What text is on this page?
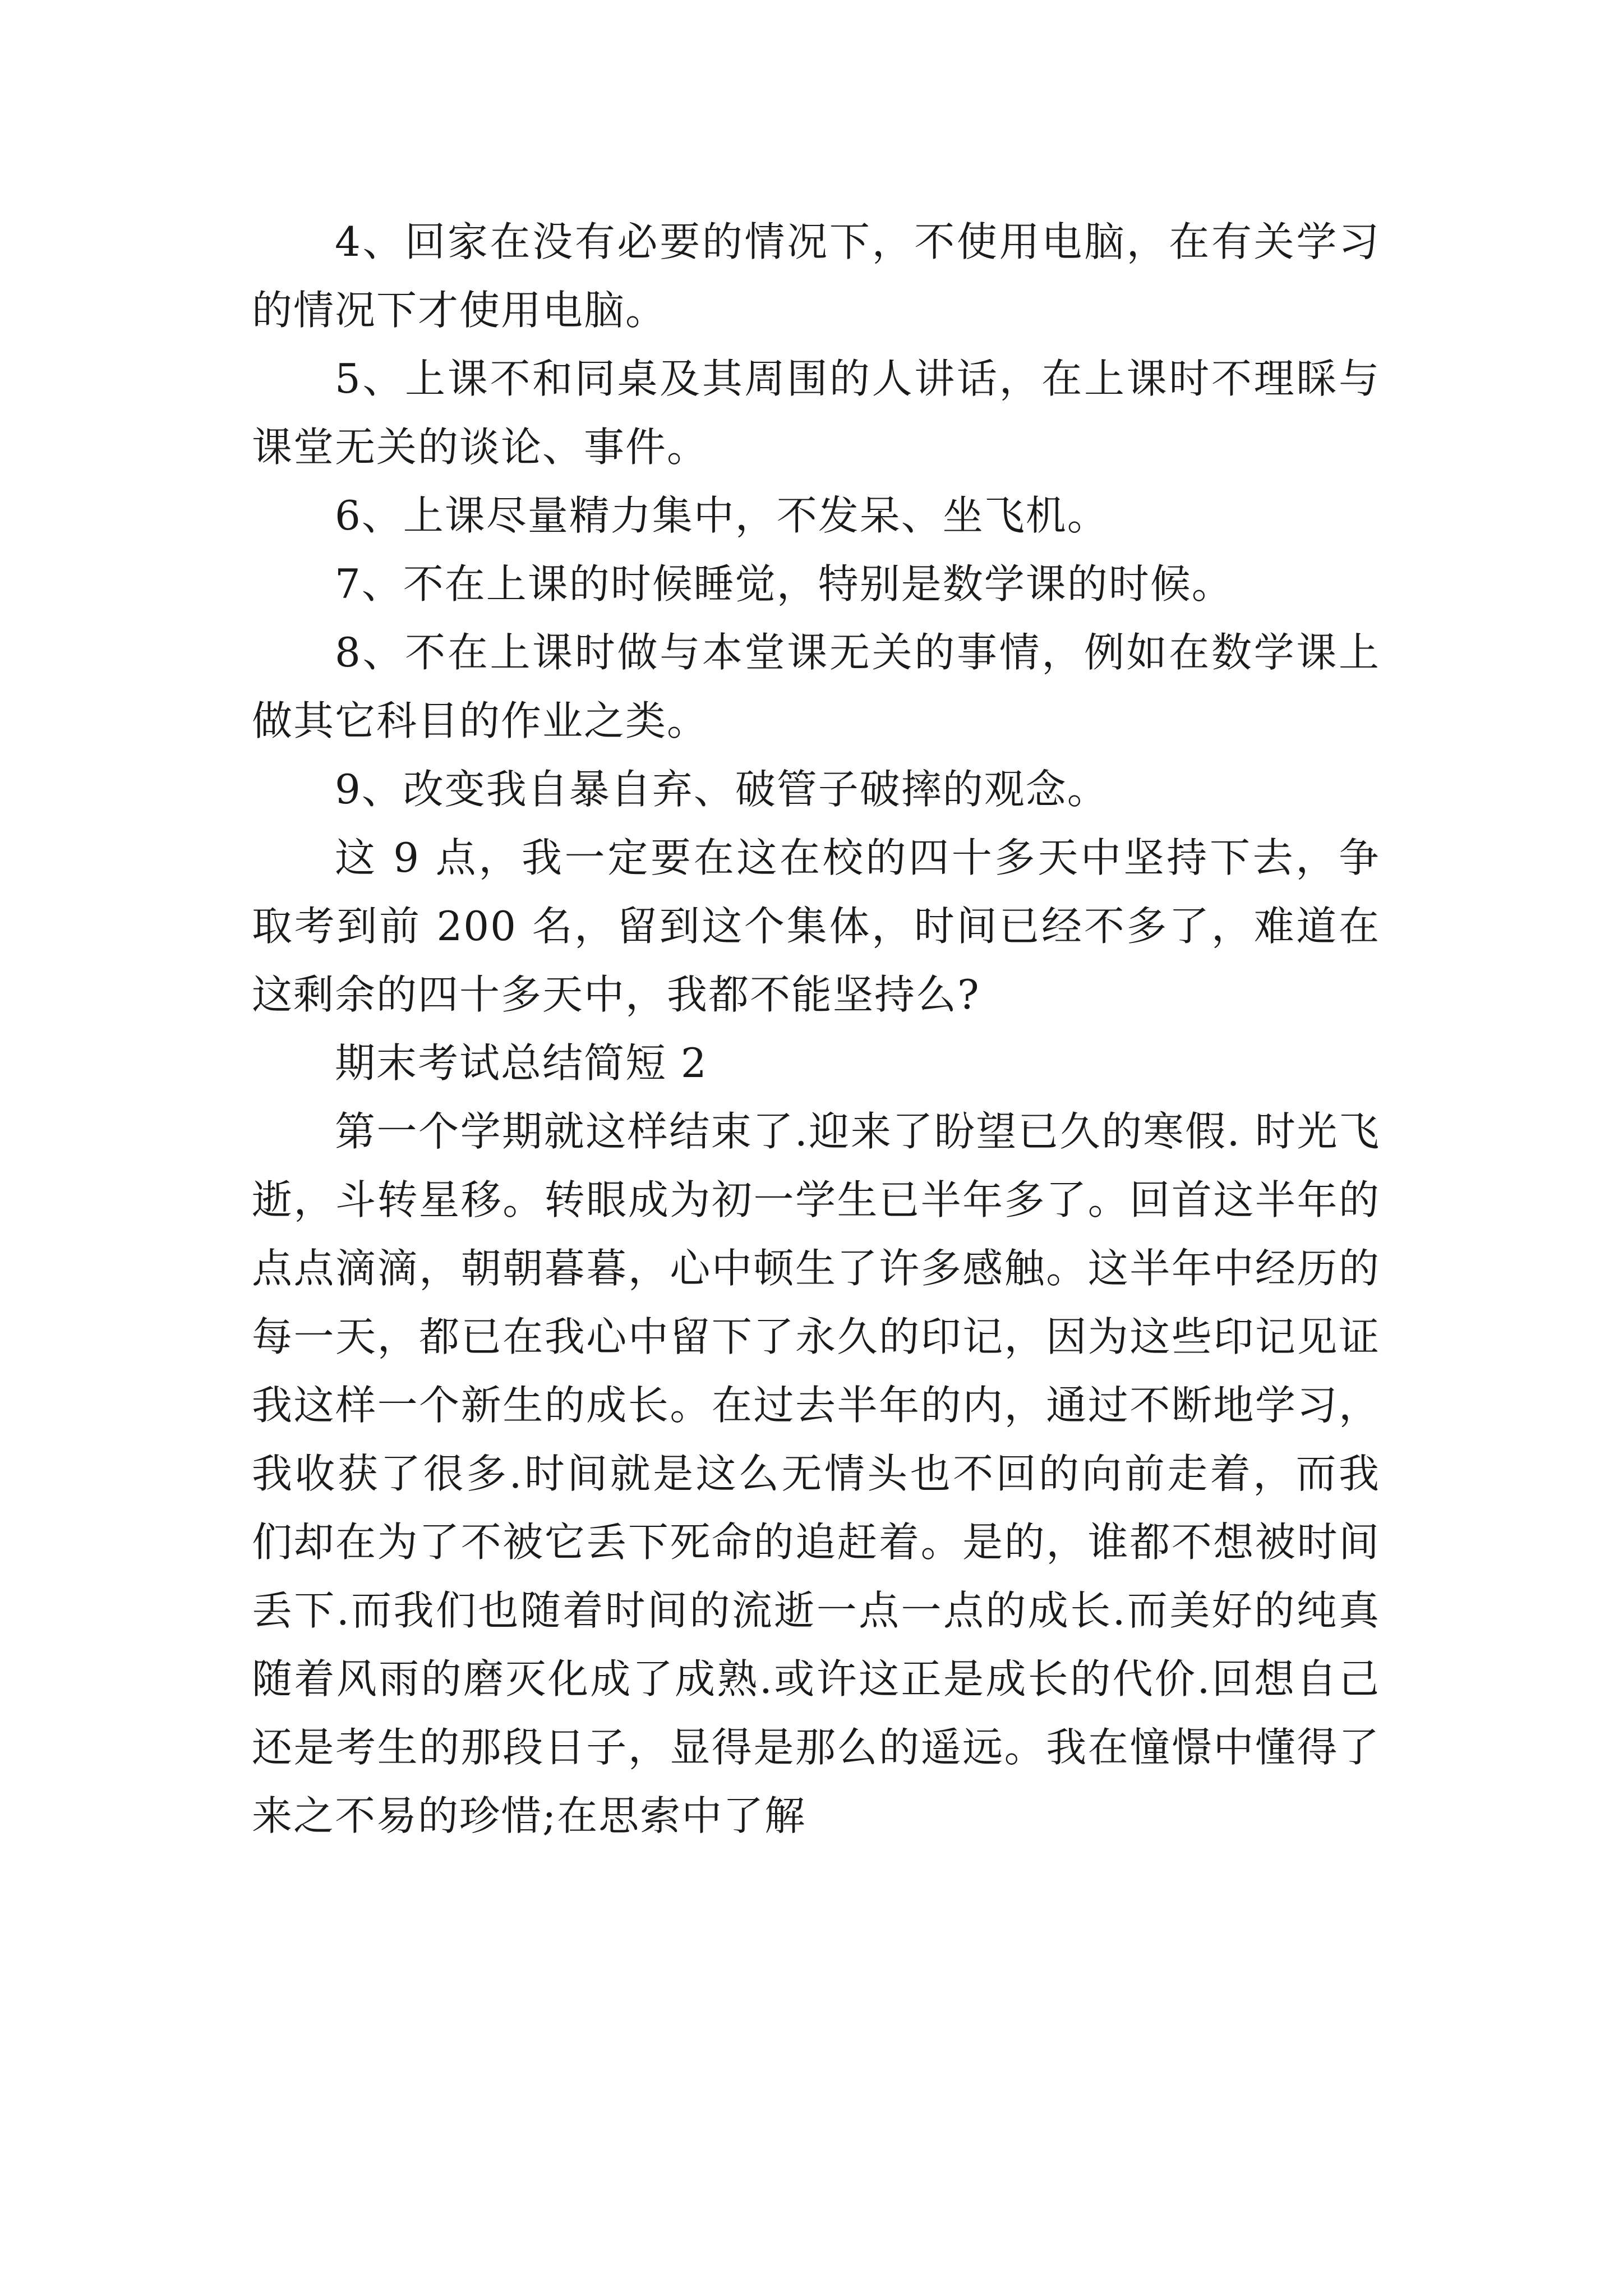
4、回家在没有必要的情况下，不使用电脑，在有关学习的情况下才使用电脑。

5、上课不和同桌及其周围的人讲话，在上课时不理睬与课堂无关的谈论、事件。

6、上课尽量精力集中，不发呆、坐飞机。

7、不在上课的时候睡觉，特别是数学课的时候。

8、不在上课时做与本堂课无关的事情，例如在数学课上做其它科目的作业之类。

9、改变我自暴自弃、破管子破摔的观念。

这 9 点，我一定要在这在校的四十多天中坚持下去，争取考到前 200 名，留到这个集体，时间已经不多了，难道在这剩余的四十多天中，我都不能坚持么?

期末考试总结简短 2

第一个学期就这样结束了.迎来了盼望已久的寒假. 时光飞逝，斗转星移。转眼成为初一学生已半年多了。回首这半年的点点滴滴，朝朝暮暮，心中顿生了许多感触。这半年中经历的每一天，都已在我心中留下了永久的印记，因为这些印记见证我这样一个新生的成长。在过去半年的内，通过不断地学习，我收获了很多.时间就是这么无情头也不回的向前走着，而我们却在为了不被它丢下死命的追赶着。是的，谁都不想被时间丢下.而我们也随着时间的流逝一点一点的成长.而美好的纯真随着风雨的磨灭化成了成熟.或许这正是成长的代价.回想自己还是考生的那段日子，显得是那么的遥远。我在憧憬中懂得了来之不易的珍惜;在思索中了解
